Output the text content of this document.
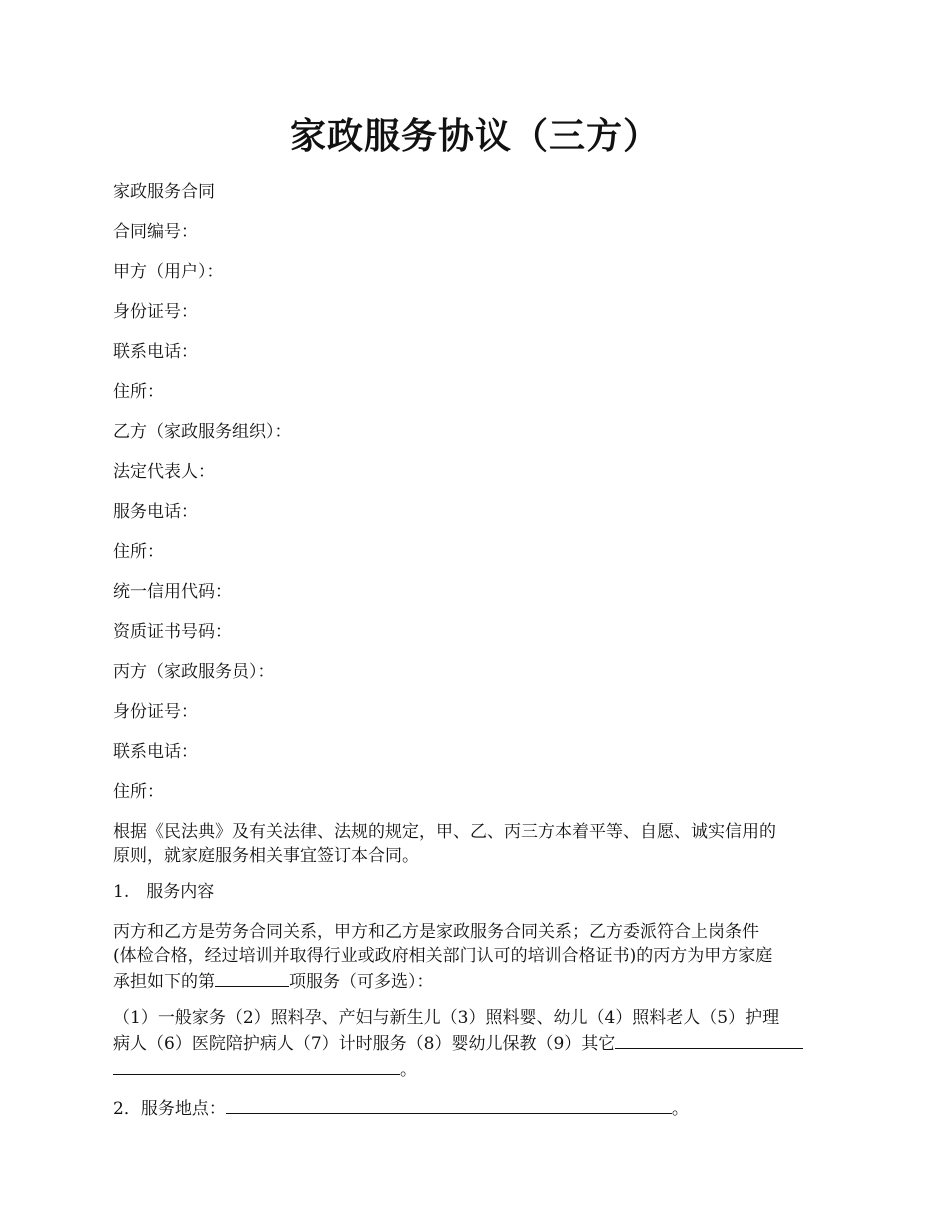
家政服务协议（三方）

家政服务合同

合同编号：

甲方（用户）：

身份证号：

联系电话：

住所：

乙方（家政服务组织）：

法定代表人：

服务电话：

住所：

统一信用代码：

资质证书号码：

丙方（家政服务员）：

身份证号：

联系电话：

住所：

根据《民法典》及有关法律、法规的规定，甲、乙、丙三方本着平等、自愿、诚实信用的
原则，就家庭服务相关事宜签订本合同。

1.　服务内容

丙方和乙方是劳务合同关系，甲方和乙方是家政服务合同关系；乙方委派符合上岗条件
(体检合格，经过培训并取得行业或政府相关部门认可的培训合格证书)的丙方为甲方家庭
承担如下的第	项服务（可多选）：
（1）一般家务（2）照料孕、产妇与新生儿（3）照料婴、幼儿（4）照料老人（5）护理
病人（6）医院陪护病人（7）计时服务（8）婴幼儿保教（9）其它
。

2．服务地点：	。
